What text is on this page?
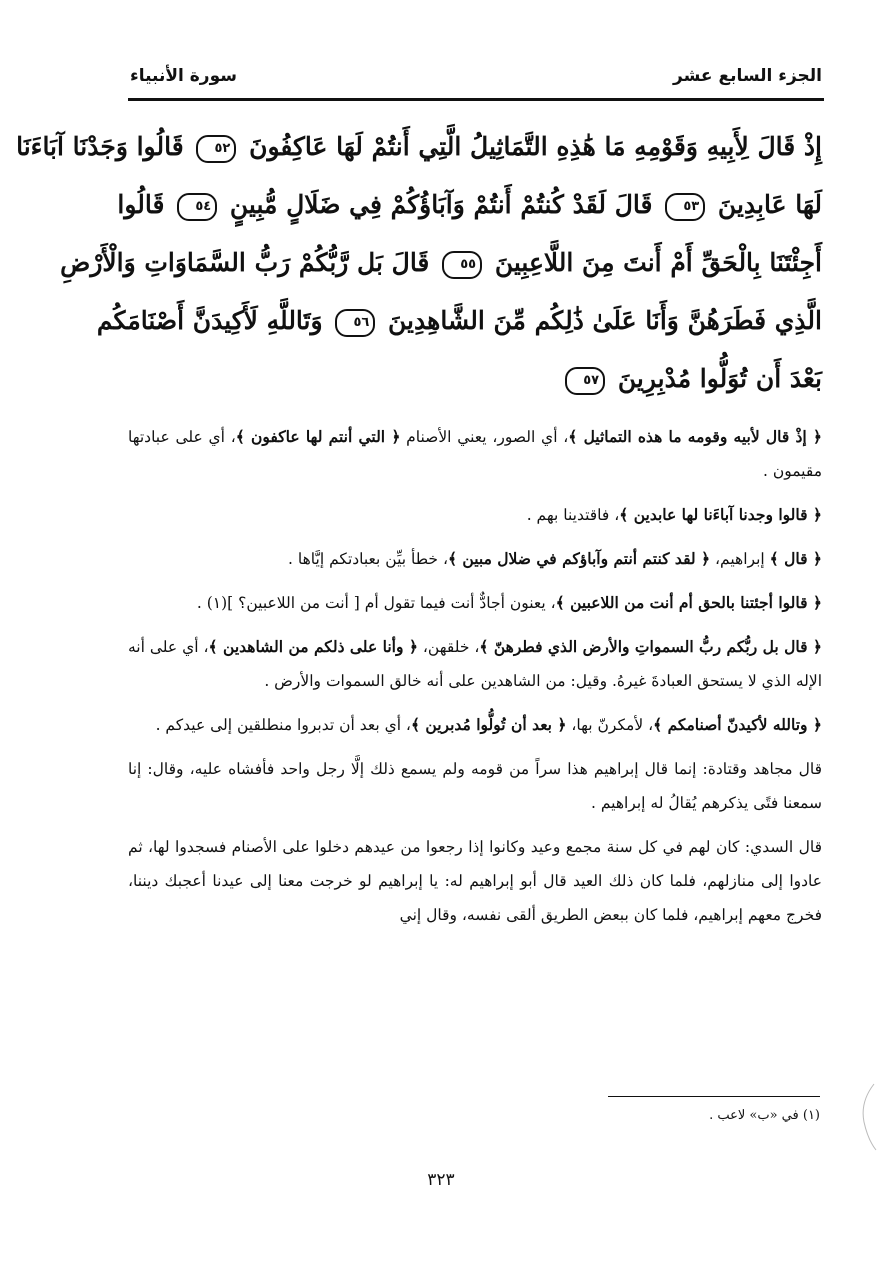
الجزء السابع عشر
سورة الأنبياء
إِذْ قَالَ لِأَبِيهِ وَقَوْمِهِ مَا هَٰذِهِ التَّمَاثِيلُ الَّتِي أَنتُمْ لَهَا عَاكِفُونَ ٥٢ قَالُوا وَجَدْنَا آبَاءَنَا
لَهَا عَابِدِينَ ٥٣ قَالَ لَقَدْ كُنتُمْ أَنتُمْ وَآبَاؤُكُمْ فِي ضَلَالٍ مُّبِينٍ ٥٤ قَالُوا
أَجِئْتَنَا بِالْحَقِّ أَمْ أَنتَ مِنَ اللَّاعِبِينَ ٥٥ قَالَ بَل رَّبُّكُمْ رَبُّ السَّمَاوَاتِ وَالْأَرْضِ
الَّذِي فَطَرَهُنَّ وَأَنَا عَلَىٰ ذَٰلِكُم مِّنَ الشَّاهِدِينَ ٥٦ وَتَاللَّهِ لَأَكِيدَنَّ أَصْنَامَكُم
بَعْدَ أَن تُوَلُّوا مُدْبِرِينَ ٥٧

﴿ إذْ قال لأبيه وقومه ما هذه التماثيل ﴾، أي الصور، يعني الأصنام ﴿ التي أنتم لها عاكفون ﴾، أي على عبادتها مقيمون .

﴿ قالوا وجدنا آباءَنا لها عابدين ﴾، فاقتدينا بهم .

﴿ قال ﴾ إبراهيم، ﴿ لقد كنتم أنتم وآباؤكم في ضلال مبين ﴾، خطأ بيِّن بعبادتكم إيَّاها .

﴿ قالوا أجئتنا بالحق أم أنت من اللاعبين ﴾، يعنون أجادٌّ أنت فيما تقول أم [ أنت من اللاعبين؟ ](١) .

﴿ قال بل ربُّكم ربُّ السمواتِ والأرض الذي فطرهنّ ﴾، خلقهن، ﴿ وأنا على ذلكم من الشاهدين ﴾، أي على أنه الإله الذي لا يستحق العبادةَ غيرهُ. وقيل: من الشاهدين على أنه خالق السموات والأرض .

﴿ وتالله لأكيدنّ أصنامكم ﴾، لأمكرنّ بها، ﴿ بعد أن تُولُّوا مُدبرين ﴾، أي بعد أن تدبروا منطلقين إلى عيدكم .

قال مجاهد وقتادة: إنما قال إبراهيم هذا سراً من قومه ولم يسمع ذلك إلَّا رجل واحد فأفشاه عليه، وقال: إنا سمعنا فتًى يذكرهم يُقالُ له إبراهيم .

قال السدي: كان لهم في كل سنة مجمع وعيد وكانوا إذا رجعوا من عيدهم دخلوا على الأصنام فسجدوا لها، ثم عادوا إلى منازلهم، فلما كان ذلك العيد قال أبو إبراهيم له: يا إبراهيم لو خرجت معنا إلى عيدنا أعجبك ديننا، فخرج معهم إبراهيم، فلما كان ببعض الطريق ألقى نفسه، وقال إني

(١) في «ب» لاعب .
٣٢٣
